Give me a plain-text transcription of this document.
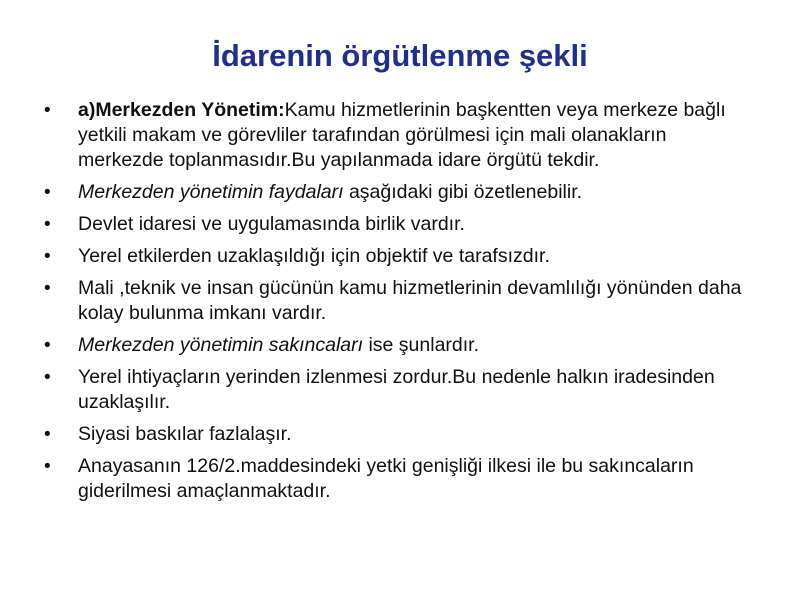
İdarenin örgütlenme şekli
•	a)Merkezden Yönetim:Kamu hizmetlerinin başkentten veya merkeze bağlı yetkili makam ve görevliler tarafından görülmesi için mali olanakların merkezde toplanmasıdır.Bu yapılanmada idare örgütü tekdir.
•	Merkezden yönetimin faydaları aşağıdaki gibi özetlenebilir.
•	Devlet idaresi ve uygulamasında birlik vardır.
•	Yerel etkilerden uzaklaşıldığı için objektif ve tarafsızdır.
•	Mali ,teknik ve insan gücünün kamu hizmetlerinin devamlılığı yönünden daha kolay bulunma imkanı vardır.
•	Merkezden yönetimin sakıncaları ise şunlardır.
•	Yerel ihtiyaçların yerinden izlenmesi zordur.Bu nedenle halkın iradesinden uzaklaşılır.
•	Siyasi baskılar fazlalaşır.
•	Anayasanın 126/2.maddesindeki yetki genişliği ilkesi ile bu sakıncaların giderilmesi amaçlanmaktadır.
